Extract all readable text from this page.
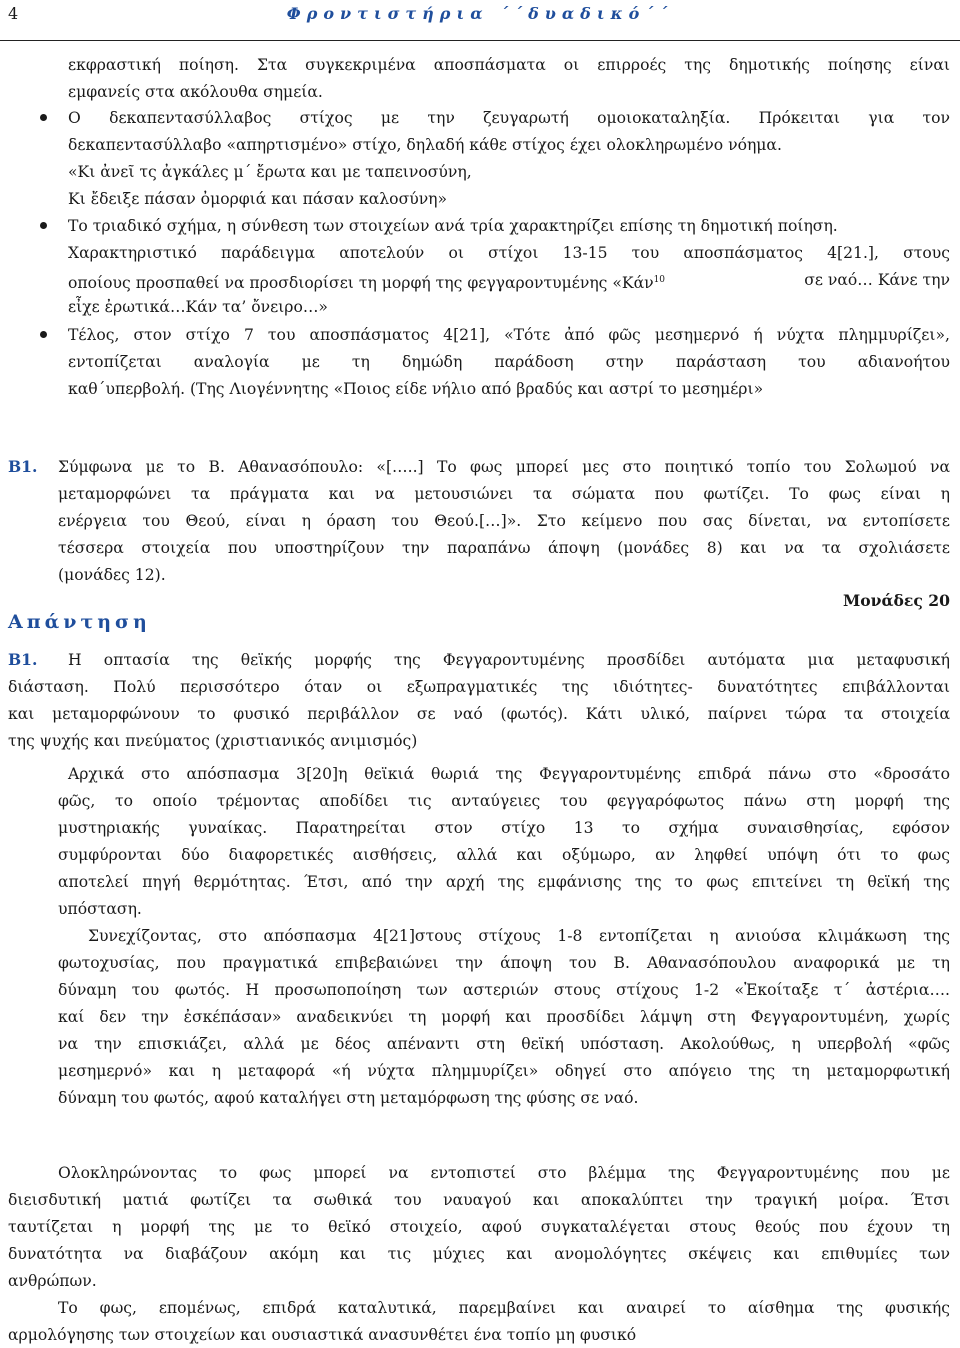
4	Φροντιστήρια ΄΄δυαδικό΄΄
εκφραστική ποίηση. Στα συγκεκριμένα αποσπάσματα οι επιρροές της δημοτικής ποίησης είναι
εμφανείς στα ακόλουθα σημεία.
Ο δεκαπεντασύλλαβος στίχος με την ζευγαρωτή ομοιοκαταληξία. Πρόκειται για τον
δεκαπεντασύλλαβο «απηρτισμένο» στίχο, δηλαδή κάθε στίχος έχει ολοκληρωμένο νόημα.
«Κι ἀνεῖ τς ἀγκάλες μ΄ ἔρωτα και με ταπεινοσύνη,
Κι ἔδειξε πάσαν ὀμορφιά και πάσαν καλοσύνη»
Το τριαδικό σχήμα, η σύνθεση των στοιχείων ανά τρία χαρακτηρίζει επίσης τη δημοτική ποίηση.
Χαρακτηριστικό παράδειγμα αποτελούν οι στίχοι 13-15 του αποσπάσματος 4[21.], στους
οποίους προσπαθεί να προσδιορίσει τη μορφή της φεγγαροντυμένης «Κάν$^{10}$	σε ναό… Κάνε την
εἶχε ἐρωτικά…Κάν τα’ ὄνειρο…»
Τέλος, στον στίχο 7 του αποσπάσματος 4[21], «Τότε ἀπό φῶς μεσημερνό ή νύχτα πλημμυρίζει»,
εντοπίζεται αναλογία με τη δημώδη παράδοση στην παράσταση του αδιανοήτου
καθ΄υπερβολή. (Της Λιογέννητης «Ποιος είδε νήλιο από βραδύς και αστρί το μεσημέρι»
Β1. Σύμφωνα με το Β. Αθανασόπουλο: «[…..] Το φως μπορεί μες στο ποιητικό τοπίο του Σολωμού να
μεταμορφώνει τα πράγματα και να μετουσιώνει τα σώματα που φωτίζει. Το φως είναι η
ενέργεια του Θεού, είναι η όραση του Θεού.[…]». Στο κείμενο που σας δίνεται, να εντοπίσετε
τέσσερα στοιχεία που υποστηρίζουν την παραπάνω άποψη (μονάδες 8) και να τα σχολιάσετε
(μονάδες 12).
Μονάδες 20
Απάντηση
Β1. Η οπτασία της θεϊκής μορφής της Φεγγαροντυμένης προσδίδει αυτόματα μια μεταφυσική
διάσταση. Πολύ περισσότερο όταν οι εξωπραγματικές της ιδιότητες- δυνατότητες επιβάλλονται
και μεταμορφώνουν το φυσικό περιβάλλον σε ναό (φωτός). Κάτι υλικό, παίρνει τώρα τα στοιχεία
της ψυχής και πνεύματος (χριστιανικός ανιμισμός)
Αρχικά στο απόσπασμα 3[20]η θεϊκιά θωριά της Φεγγαροντυμένης επιδρά πάνω στο «δροσάτο
φῶς, το οποίο τρέμοντας αποδίδει τις ανταύγειες του φεγγαρόφωτος πάνω στη μορφή της
μυστηριακής γυναίκας. Παρατηρείται στον στίχο 13 το σχήμα συναισθησίας, εφόσον
συμφύρονται δύο διαφορετικές αισθήσεις, αλλά και οξύμωρο, αν ληφθεί υπόψη ότι το φως
αποτελεί πηγή θερμότητας. Έτσι, από την αρχή της εμφάνισης της το φως επιτείνει τη θεϊκή της
υπόσταση.
Συνεχίζοντας, στο απόσπασμα 4[21]στους στίχους 1-8 εντοπίζεται η ανιούσα κλιμάκωση της
φωτοχυσίας, που πραγματικά επιβεβαιώνει την άποψη του Β. Αθανασόπουλου αναφορικά με τη
δύναμη του φωτός. Η προσωποποίηση των αστεριών στους στίχους 1-2 «Ἐκοίταξε τ΄ ἀστέρια….
καί δεν την ἐσκέπάσαν» αναδεικνύει τη μορφή και προσδίδει λάμψη στη Φεγγαροντυμένη, χωρίς
να την επισκιάζει, αλλά με δέος απέναντι στη θεϊκή υπόσταση. Ακολούθως, η υπερβολή «φῶς
μεσημερνό» και η μεταφορά «ή νύχτα πλημμυρίζει» οδηγεί στο απόγειο της τη μεταμορφωτική
δύναμη του φωτός, αφού καταλήγει στη μεταμόρφωση της φύσης σε ναό.
Ολοκληρώνοντας το φως μπορεί να εντοπιστεί στο βλέμμα της Φεγγαροντυμένης που με
διεισδυτική ματιά φωτίζει τα σωθικά του ναυαγού και αποκαλύπτει την τραγική μοίρα. Έτσι
ταυτίζεται η μορφή της με το θεϊκό στοιχείο, αφού συγκαταλέγεται στους θεούς που έχουν τη
δυνατότητα να διαβάζουν ακόμη και τις μύχιες και ανομολόγητες σκέψεις και επιθυμίες των
ανθρώπων.
Το φως, επομένως, επιδρά καταλυτικά, παρεμβαίνει και αναιρεί το αίσθημα της φυσικής
αρμολόγησης των στοιχείων και ουσιαστικά ανασυνθέτει ένα τοπίο μη φυσικό
